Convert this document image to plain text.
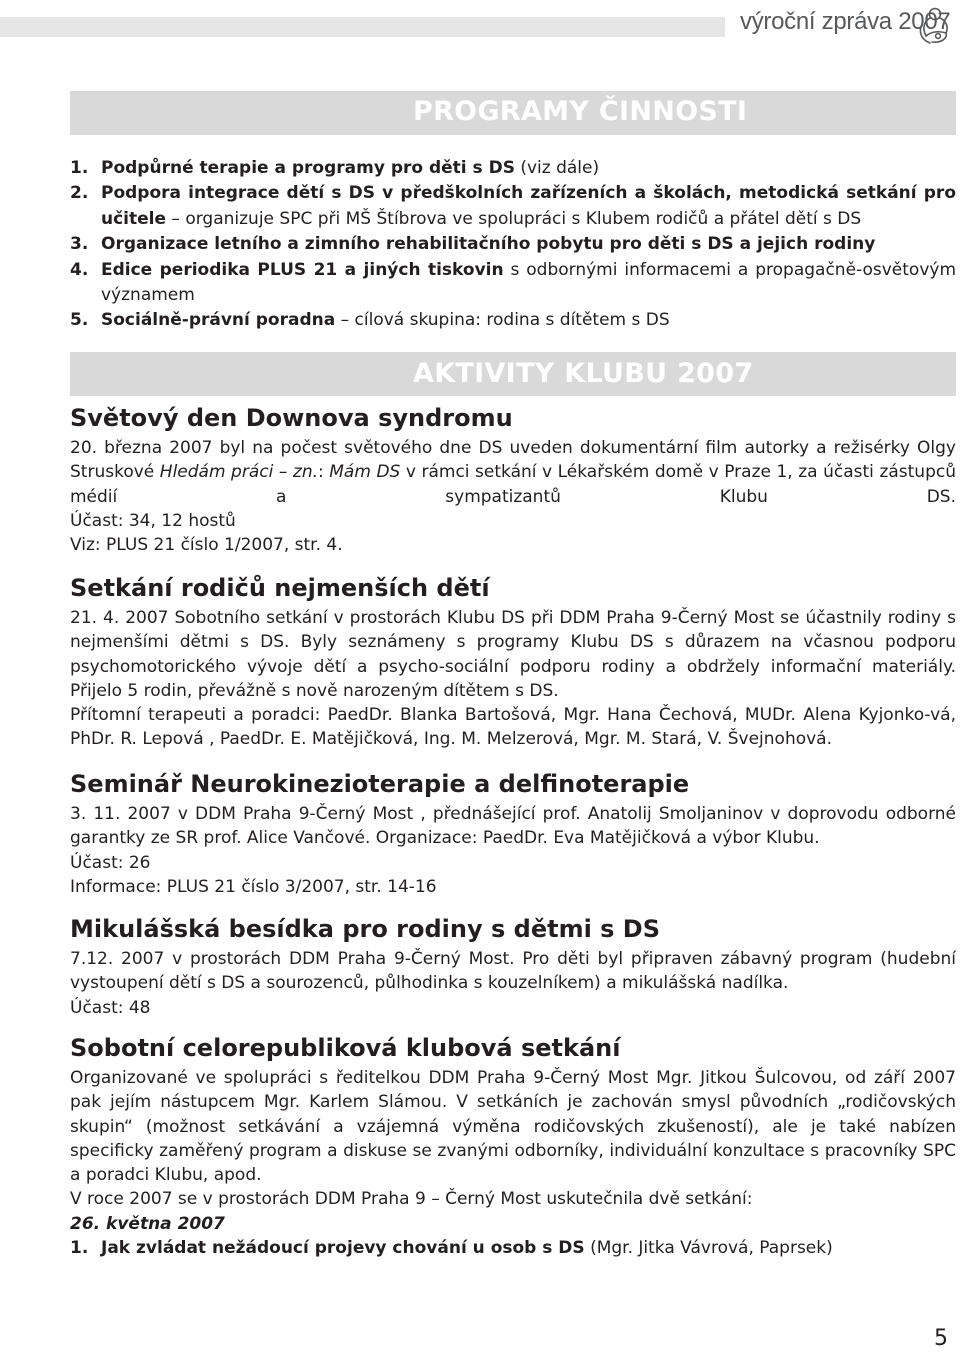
výroční zpráva 2007
PROGRAMY ČINNOSTI
1. Podpůrné terapie a programy pro děti s DS (viz dále)
2. Podpora integrace dětí s DS v předškolních zařízeních a školách, metodická setkání pro učitele – organizuje SPC při MŠ Štíbrova ve spolupráci s Klubem rodičů a přátel dětí s DS
3. Organizace letního a zimního rehabilitačního pobytu pro děti s DS a jejich rodiny
4. Edice periodika PLUS 21 a jiných tiskovin s odbornými informacemi a propagačně-osvětovým významem
5. Sociálně-právní poradna – cílová skupina: rodina s dítětem s DS
AKTIVITY KLUBU 2007
Světový den Downova syndromu

20. března 2007 byl na počest světového dne DS uveden dokumentární film autorky a režisérky Olgy Struskové Hledám práci – zn.: Mám DS v rámci setkání v Lékařském domě v Praze 1, za účasti zástupců médií a sympatizantů Klubu DS.

Účast: 34, 12 hostů

Viz: PLUS 21 číslo 1/2007, str. 4.

Setkání rodičů nejmenších dětí

21. 4. 2007 Sobotního setkání v prostorách Klubu DS při DDM Praha 9-Černý Most se účastnily rodiny s nejmenšími dětmi s DS. Byly seznámeny s programy Klubu DS s důrazem na včasnou podporu psychomotorického vývoje dětí a psycho-sociální podporu rodiny a obdržely informační materiály. Přijelo 5 rodin, převážně s nově narozeným dítětem s DS.

Přítomní terapeuti a poradci: PaedDr. Blanka Bartošová, Mgr. Hana Čechová, MUDr. Alena Kyjonko-vá, PhDr. R. Lepová , PaedDr. E. Matějičková, Ing. M. Melzerová, Mgr. M. Stará, V. Švejnohová.

Seminář Neurokinezioterapie a delfinoterapie

3. 11. 2007 v DDM Praha 9-Černý Most , přednášející prof. Anatolij Smoljaninov v doprovodu odborné garantky ze SR prof. Alice Vančové. Organizace: PaedDr. Eva Matějičková a výbor Klubu.

Účast: 26

Informace: PLUS 21 číslo 3/2007, str. 14-16

Mikulášská besídka pro rodiny s dětmi s DS

7.12. 2007 v prostorách DDM Praha 9-Černý Most. Pro děti byl připraven zábavný program (hudební vystoupení dětí s DS a sourozenců, půlhodinka s kouzelníkem) a mikulášská nadílka.

Účast: 48

Sobotní celorepubliková klubová setkání

Organizované ve spolupráci s ředitelkou DDM Praha 9-Černý Most Mgr. Jitkou Šulcovou, od září 2007 pak jejím nástupcem Mgr. Karlem Slámou. V setkáních je zachován smysl původních „rodičovských skupin“ (možnost setkávání a vzájemná výměna rodičovských zkušeností), ale je také nabízen specificky zaměřený program a diskuse se zvanými odborníky, individuální konzultace s pracovníky SPC a poradci Klubu, apod.

V roce 2007 se v prostorách DDM Praha 9 – Černý Most uskutečnila dvě setkání:

26. května 2007

1. Jak zvládat nežádoucí projevy chování u osob s DS (Mgr. Jitka Vávrová, Paprsek)

5
